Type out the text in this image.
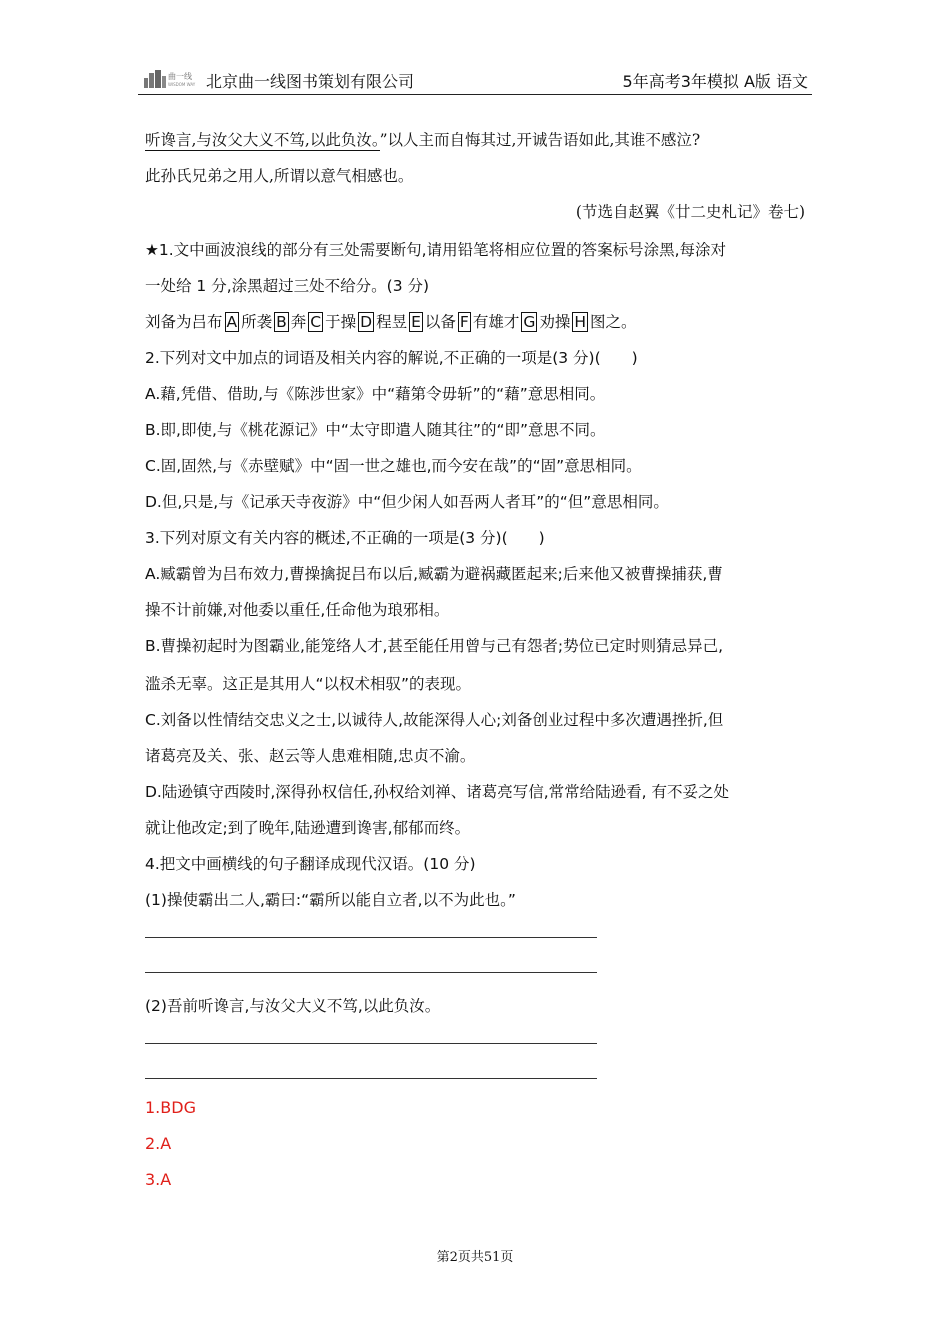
曲一线
WISDOM WAY 北京曲一线图书策划有限公司	5年高考3年模拟 A版 语文
听谗言,与汝父大义不笃,以此负汝。”以人主而自悔其过,开诚告语如此,其谁不感泣?
此孙氏兄弟之用人,所谓以意气相感也。
(节选自赵翼《廿二史札记》卷七)
★1.文中画波浪线的部分有三处需要断句,请用铅笔将相应位置的答案标号涂黑,每涂对
一处给 1 分,涂黑超过三处不给分。(3 分)
刘备为吕布 A 所袭 B 奔 C 于操 D 程昱 E 以备 F 有雄才 G 劝操 H 图之。
2.下列对文中加点的词语及相关内容的解说,不正确的一项是(3 分)(　　)
A.藉,凭借、借助,与《陈涉世家》中“藉第令毋斩”的“藉”意思相同。
B.即,即使,与《桃花源记》中“太守即遣人随其往”的“即”意思不同。
C.固,固然,与《赤壁赋》中“固一世之雄也,而今安在哉”的“固”意思相同。
D.但,只是,与《记承天寺夜游》中“但少闲人如吾两人者耳”的“但”意思相同。
3.下列对原文有关内容的概述,不正确的一项是(3 分)(　　)
A.臧霸曾为吕布效力,曹操擒捉吕布以后,臧霸为避祸藏匿起来;后来他又被曹操捕获,曹
操不计前嫌,对他委以重任,任命他为琅邪相。
B.曹操初起时为图霸业,能笼络人才,甚至能任用曾与己有怨者;势位已定时则猜忌异己,
滥杀无辜。这正是其用人“以权术相驭”的表现。
C.刘备以性情结交忠义之士,以诚待人,故能深得人心;刘备创业过程中多次遭遇挫折,但
诸葛亮及关、张、赵云等人患难相随,忠贞不渝。
D.陆逊镇守西陵时,深得孙权信任,孙权给刘禅、诸葛亮写信,常常给陆逊看, 有不妥之处
就让他改定;到了晚年,陆逊遭到谗害,郁郁而终。
4.把文中画横线的句子翻译成现代汉语。(10 分)
(1)操使霸出二人,霸曰:“霸所以能自立者,以不为此也。”
(2)吾前听谗言,与汝父大义不笃,以此负汝。
1.BDG
2.A
3.A
第2页共51页
